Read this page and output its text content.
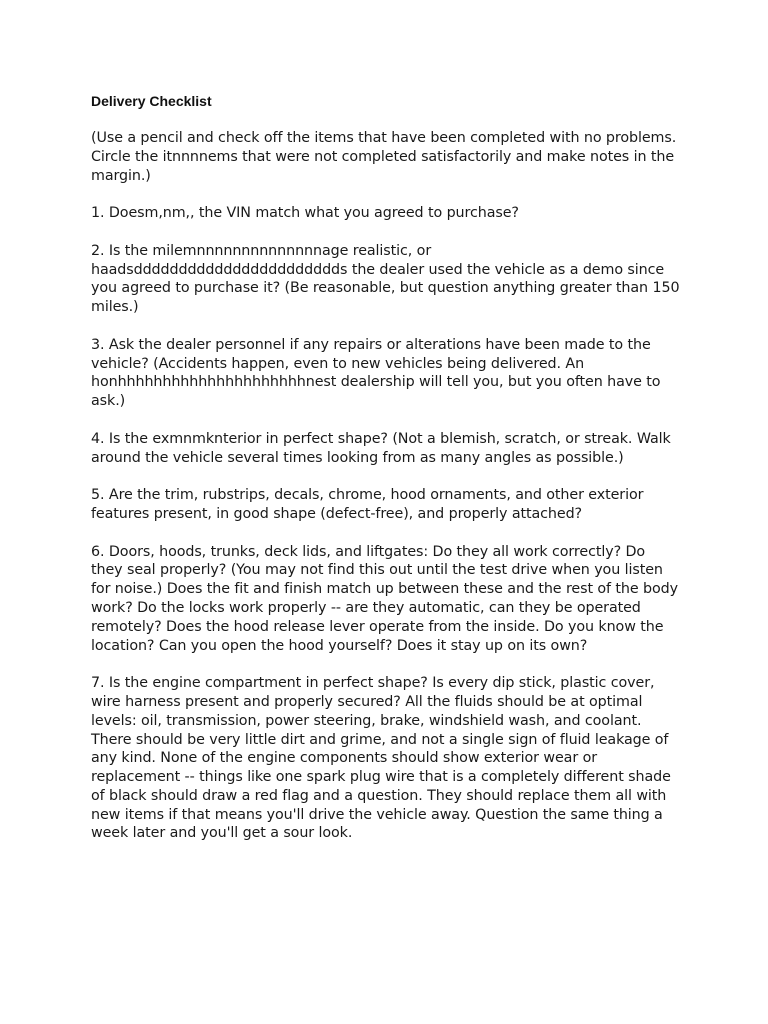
Delivery Checklist

(Use a pencil and check off the items that have been completed with no problems. Circle the itnnnnems that were not completed satisfactorily and make notes in the margin.)

1. Doesm,nm,, the VIN match what you agreed to purchase?

2. Is the milemnnnnnnnnnnnnnnage realistic, or haadsddddddddddddddddddddddds the dealer used the vehicle as a demo since you agreed to purchase it? (Be reasonable, but question anything greater than 150 miles.)

3. Ask the dealer personnel if any repairs or alterations have been made to the vehicle? (Accidents happen, even to new vehicles being delivered. An honhhhhhhhhhhhhhhhhhhhhhnest dealership will tell you, but you often have to ask.)

4. Is the exmnmknterior in perfect shape? (Not a blemish, scratch, or streak. Walk around the vehicle several times looking from as many angles as possible.)

5. Are the trim, rubstrips, decals, chrome, hood ornaments, and other exterior features present, in good shape (defect-free), and properly attached?

6. Doors, hoods, trunks, deck lids, and liftgates: Do they all work correctly? Do they seal properly? (You may not find this out until the test drive when you listen for noise.) Does the fit and finish match up between these and the rest of the body work? Do the locks work properly -- are they automatic, can they be operated remotely? Does the hood release lever operate from the inside. Do you know the location? Can you open the hood yourself? Does it stay up on its own?

7. Is the engine compartment in perfect shape? Is every dip stick, plastic cover, wire harness present and properly secured? All the fluids should be at optimal levels: oil, transmission, power steering, brake, windshield wash, and coolant. There should be very little dirt and grime, and not a single sign of fluid leakage of any kind. None of the engine components should show exterior wear or replacement -- things like one spark plug wire that is a completely different shade of black should draw a red flag and a question. They should replace them all with new items if that means you'll drive the vehicle away. Question the same thing a week later and you'll get a sour look.
